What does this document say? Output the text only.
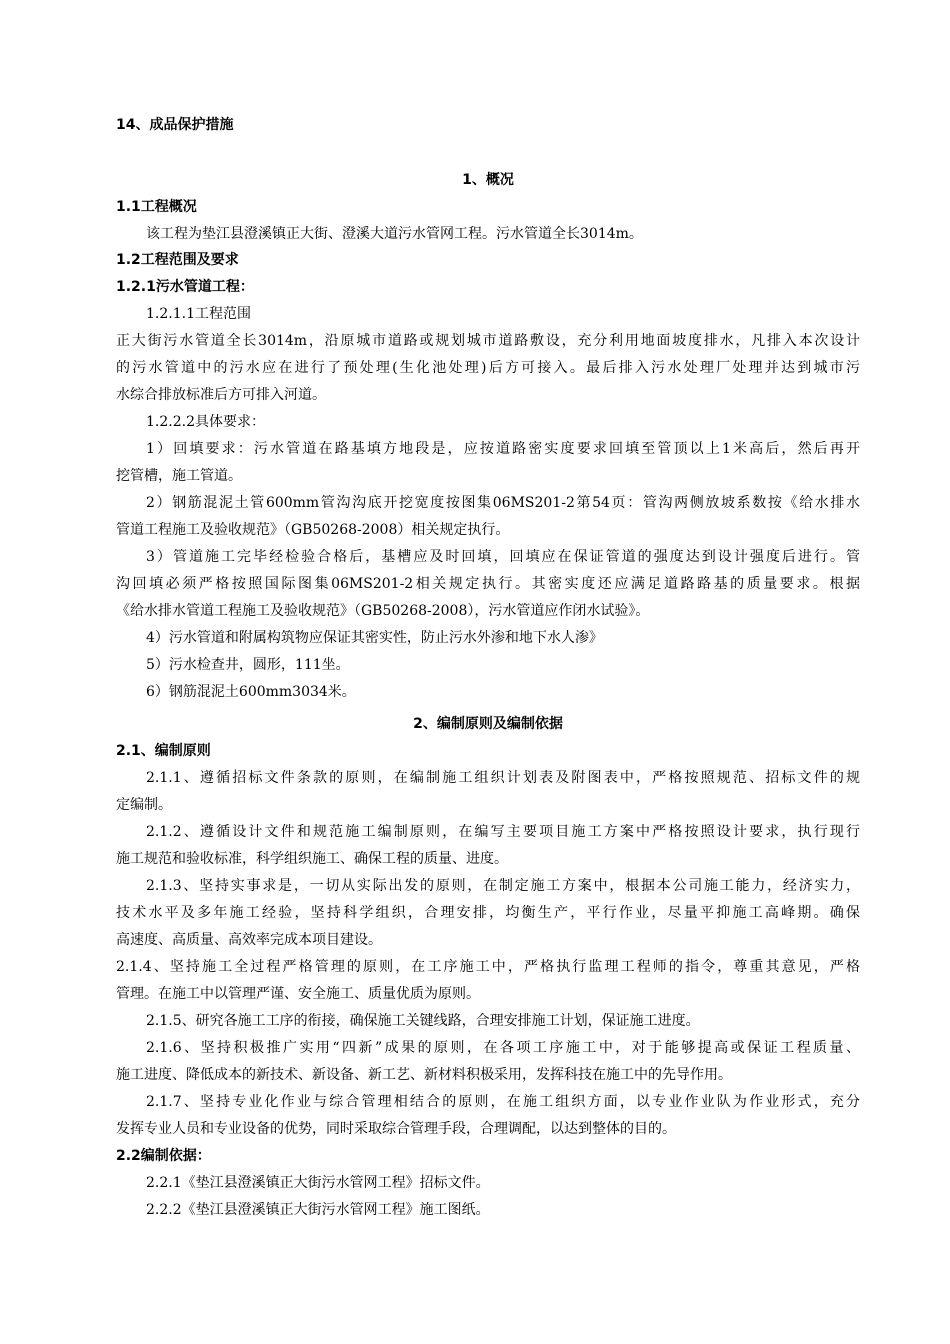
14、成品保护措施
1、概况
1.1工程概况
该工程为垫江县澄溪镇正大街、澄溪大道污水管网工程。污水管道全长3014m。
1.2工程范围及要求
1.2.1污水管道工程：
1.2.1.1工程范围
正大街污水管道全长3014m，沿原城市道路或规划城市道路敷设，充分利用地面坡度排水，凡排入本次设计
的污水管道中的污水应在进行了预处理(生化池处理)后方可接入。最后排入污水处理厂处理并达到城市污
水综合排放标准后方可排入河道。
1.2.2.2具体要求：
1）回填要求：污水管道在路基填方地段是，应按道路密实度要求回填至管顶以上1米高后，然后再开
挖管槽，施工管道。
2）钢筋混泥土管600mm管沟沟底开挖宽度按图集06MS201-2第54页：管沟两侧放坡系数按《给水排水
管道工程施工及验收规范》（GB50268-2008）相关规定执行。
3）管道施工完毕经检验合格后，基槽应及时回填，回填应在保证管道的强度达到设计强度后进行。管
沟回填必须严格按照国际图集06MS201-2相关规定执行。其密实度还应满足道路路基的质量要求。根据
《给水排水管道工程施工及验收规范》（GB50268-2008），污水管道应作闭水试验》。
4）污水管道和附属构筑物应保证其密实性，防止污水外渗和地下水人渗》
5）污水检查井，圆形，111坐。
6）钢筋混泥土600mm3034米。
2、编制原则及编制依据
2.1、编制原则
2.1.1、遵循招标文件条款的原则，在编制施工组织计划表及附图表中，严格按照规范、招标文件的规
定编制。
2.1.2、遵循设计文件和规范施工编制原则，在编写主要项目施工方案中严格按照设计要求，执行现行
施工规范和验收标准，科学组织施工、确保工程的质量、进度。
2.1.3、坚持实事求是，一切从实际出发的原则，在制定施工方案中，根据本公司施工能力，经济实力，
技术水平及多年施工经验，坚持科学组织，合理安排，均衡生产，平行作业，尽量平抑施工高峰期。确保
高速度、高质量、高效率完成本项目建设。
2.1.4、坚持施工全过程严格管理的原则，在工序施工中，严格执行监理工程师的指令，尊重其意见，严格
管理。在施工中以管理严谨、安全施工、质量优质为原则。
2.1.5、研究各施工工序的衔接，确保施工关键线路，合理安排施工计划，保证施工进度。
2.1.6、坚持积极推广实用“四新”成果的原则，在各项工序施工中，对于能够提高或保证工程质量、
施工进度、降低成本的新技术、新设备、新工艺、新材料积极采用，发挥科技在施工中的先导作用。
2.1.7、坚持专业化作业与综合管理相结合的原则，在施工组织方面，以专业作业队为作业形式，充分
发挥专业人员和专业设备的优势，同时采取综合管理手段，合理调配，以达到整体的目的。
2.2编制依据：
2.2.1《垫江县澄溪镇正大街污水管网工程》招标文件。
2.2.2《垫江县澄溪镇正大街污水管网工程》施工图纸。
